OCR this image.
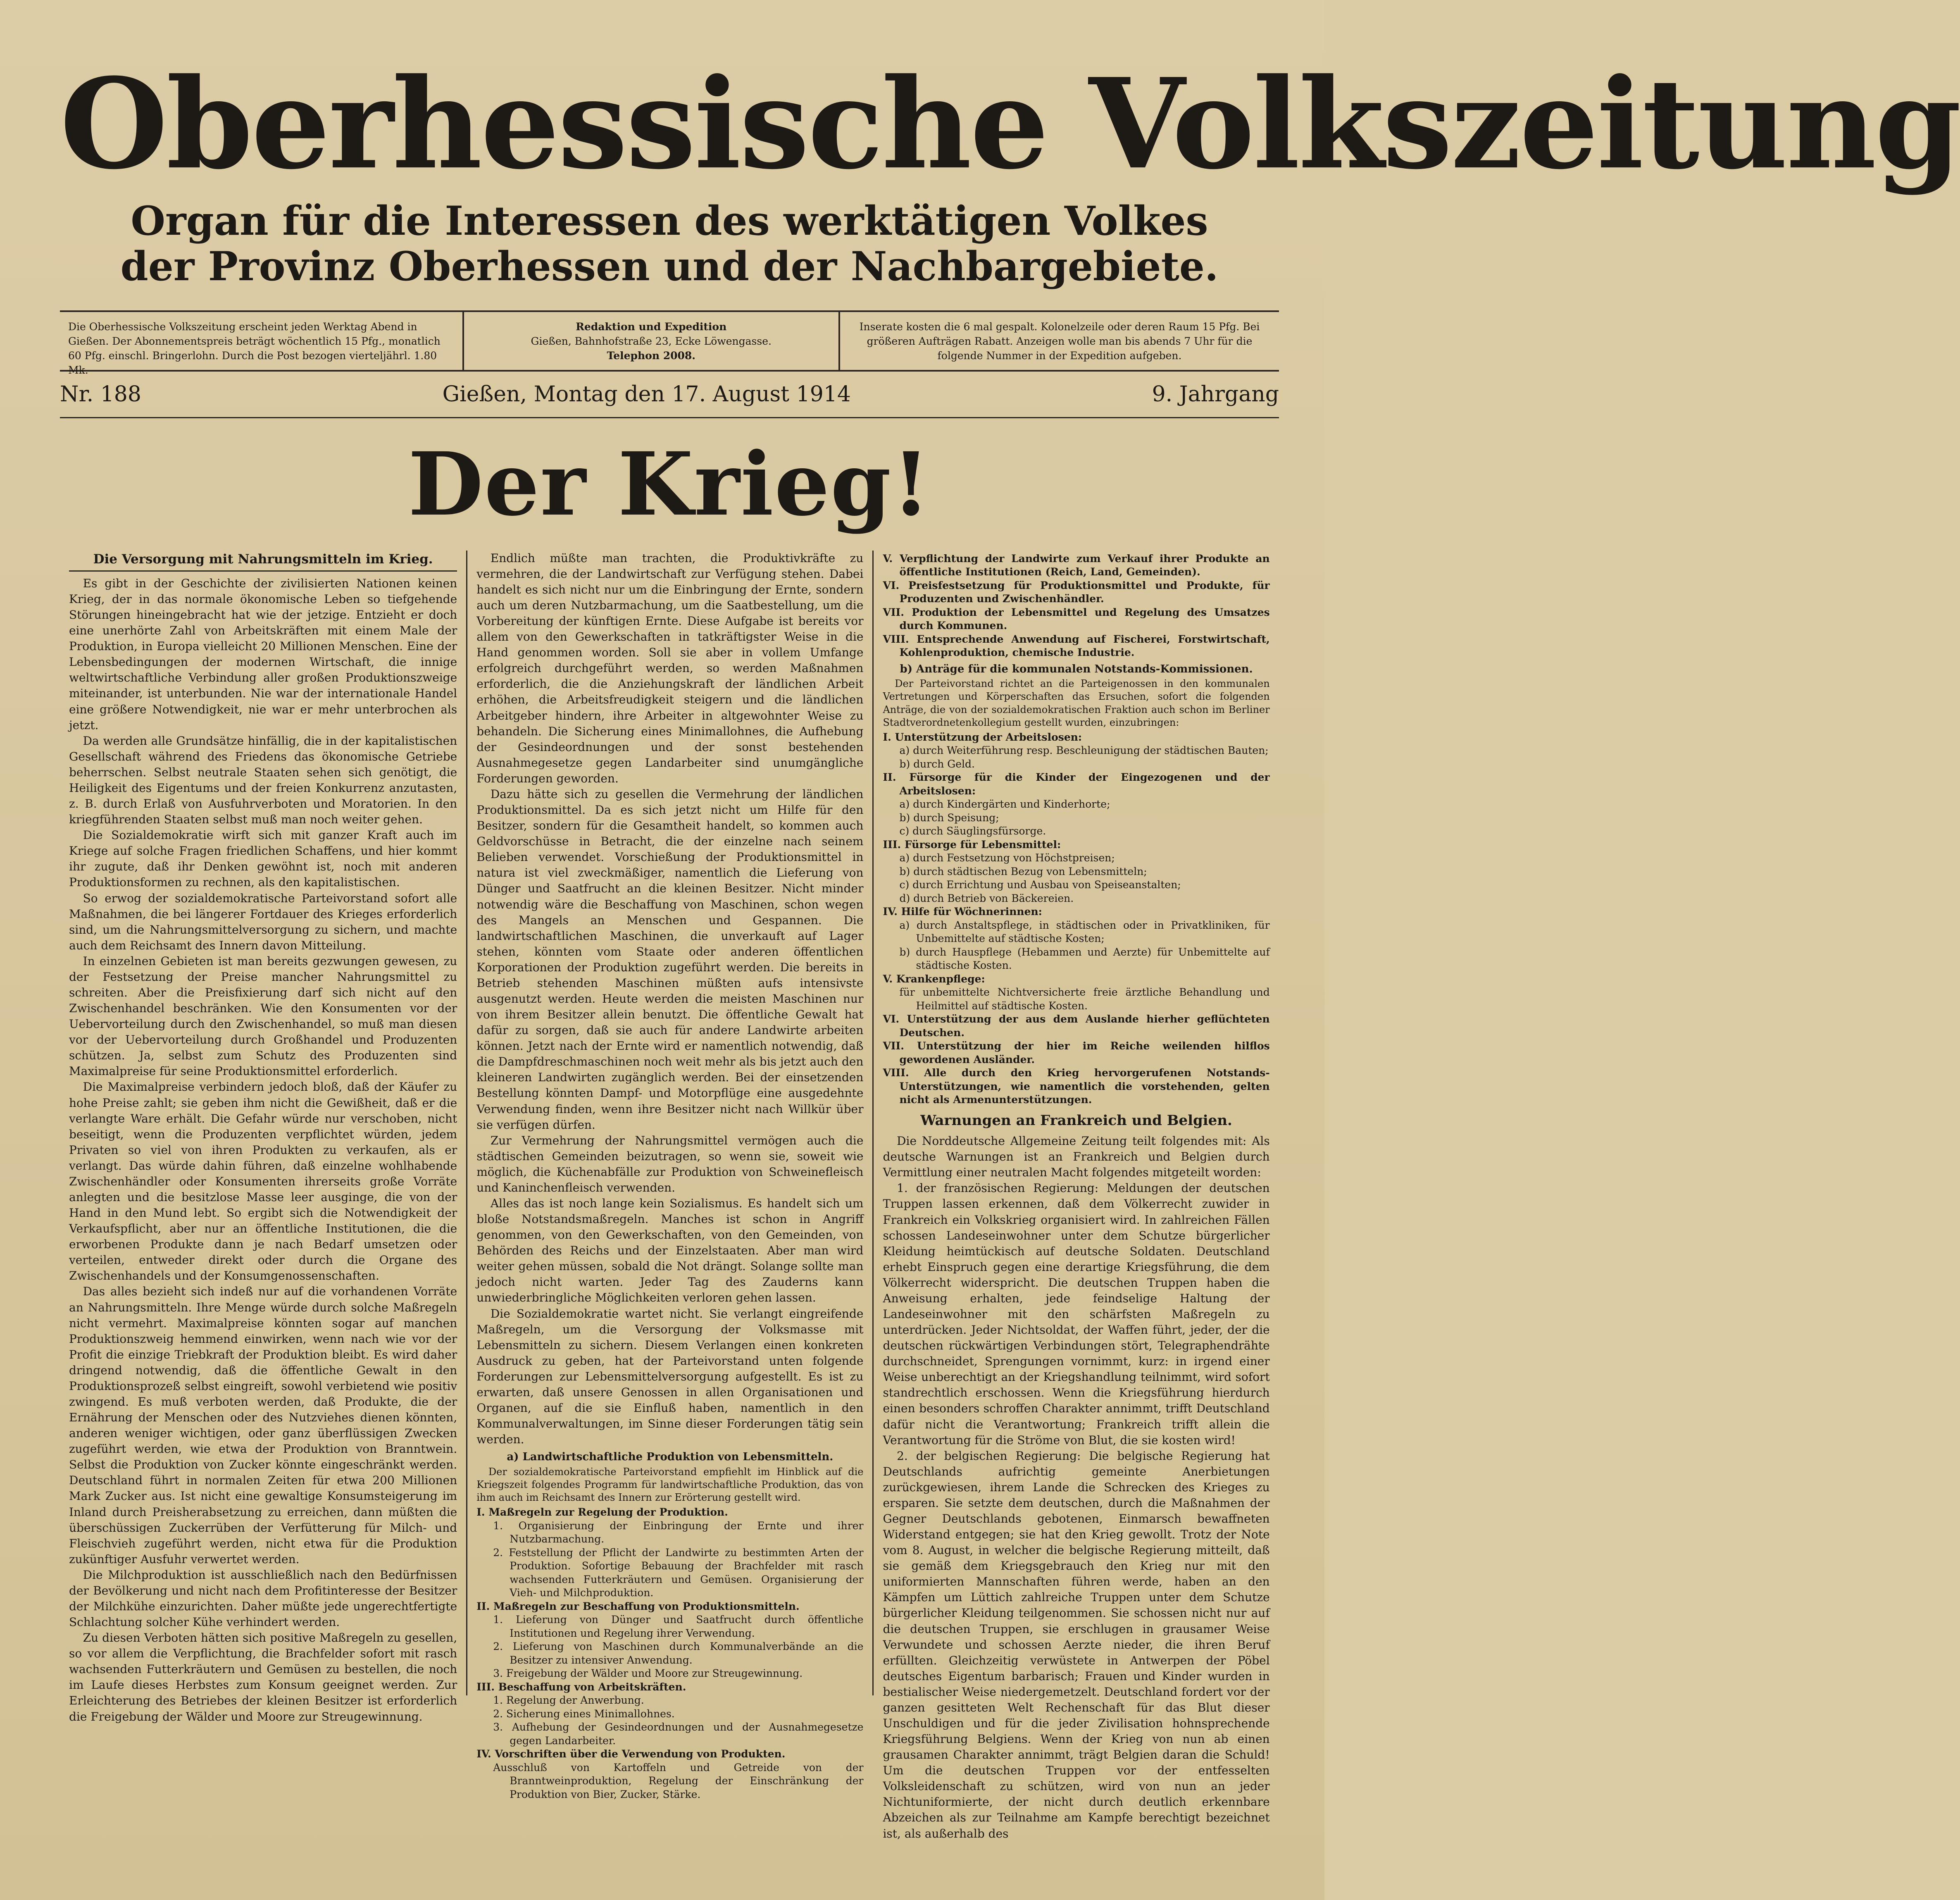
Oberhessische Volkszeitung
Organ für die Interessen des werktätigen Volkes
der Provinz Oberhessen und der Nachbargebiete.
Die Oberhessische Volkszeitung erscheint jeden Werktag Abend in Gießen. Der Abonnementspreis beträgt wöchentlich 15 Pfg., monatlich 60 Pfg. einschl. Bringerlohn. Durch die Post bezogen vierteljährl. 1.80 Mk.
Redaktion und Expedition
Gießen, Bahnhofstraße 23, Ecke Löwengasse.
Telephon 2008.
Inserate kosten die 6 mal gespalt. Kolonelzeile oder deren Raum 15 Pfg. Bei größeren Aufträgen Rabatt. Anzeigen wolle man bis abends 7 Uhr für die folgende Nummer in der Expedition aufgeben.
Nr. 188	Gießen, Montag den 17. August 1914	9. Jahrgang
Der Krieg!
Die Versorgung mit Nahrungsmitteln im Krieg.

Es gibt in der Geschichte der zivilisierten Nationen keinen Krieg, der in das normale ökonomische Leben so tiefgehende Störungen hineingebracht hat wie der jetzige. Entzieht er doch eine unerhörte Zahl von Arbeitskräften mit einem Male der Produktion, in Europa vielleicht 20 Millionen Menschen. Eine der Lebensbedingungen der modernen Wirtschaft, die innige weltwirtschaftliche Verbindung aller großen Produktionszweige miteinander, ist unterbunden. Nie war der internationale Handel eine größere Notwendigkeit, nie war er mehr unterbrochen als jetzt.

Da werden alle Grundsätze hinfällig, die in der kapitalistischen Gesellschaft während des Friedens das ökonomische Getriebe beherrschen. Selbst neutrale Staaten sehen sich genötigt, die Heiligkeit des Eigentums und der freien Konkurrenz anzutasten, z. B. durch Erlaß von Ausfuhrverboten und Moratorien. In den kriegführenden Staaten selbst muß man noch weiter gehen.

Die Sozialdemokratie wirft sich mit ganzer Kraft auch im Kriege auf solche Fragen friedlichen Schaffens, und hier kommt ihr zugute, daß ihr Denken gewöhnt ist, noch mit anderen Produktionsformen zu rechnen, als den kapitalistischen.

So erwog der sozialdemokratische Parteivorstand sofort alle Maßnahmen, die bei längerer Fortdauer des Krieges erforderlich sind, um die Nahrungsmittelversorgung zu sichern, und machte auch dem Reichsamt des Innern davon Mitteilung.

In einzelnen Gebieten ist man bereits gezwungen gewesen, zu der Festsetzung der Preise mancher Nahrungsmittel zu schreiten. Aber die Preisfixierung darf sich nicht auf den Zwischenhandel beschränken. Wie den Konsumenten vor der Uebervorteilung durch den Zwischenhandel, so muß man diesen vor der Uebervorteilung durch Großhandel und Produzenten schützen. Ja, selbst zum Schutz des Produzenten sind Maximalpreise für seine Produktionsmittel erforderlich.

Die Maximalpreise verbindern jedoch bloß, daß der Käufer zu hohe Preise zahlt; sie geben ihm nicht die Gewißheit, daß er die verlangte Ware erhält. Die Gefahr würde nur verschoben, nicht beseitigt, wenn die Produzenten verpflichtet würden, jedem Privaten so viel von ihren Produkten zu verkaufen, als er verlangt. Das würde dahin führen, daß einzelne wohlhabende Zwischenhändler oder Konsumenten ihrerseits große Vorräte anlegten und die besitzlose Masse leer ausginge, die von der Hand in den Mund lebt. So ergibt sich die Notwendigkeit der Verkaufspflicht, aber nur an öffentliche Institutionen, die die erworbenen Produkte dann je nach Bedarf umsetzen oder verteilen, entweder direkt oder durch die Organe des Zwischenhandels und der Konsumgenossenschaften.

Das alles bezieht sich indeß nur auf die vorhandenen Vorräte an Nahrungsmitteln. Ihre Menge würde durch solche Maßregeln nicht vermehrt. Maximalpreise könnten sogar auf manchen Produktionszweig hemmend einwirken, wenn nach wie vor der Profit die einzige Triebkraft der Produktion bleibt. Es wird daher dringend notwendig, daß die öffentliche Gewalt in den Produktionsprozeß selbst eingreift, sowohl verbietend wie positiv zwingend. Es muß verboten werden, daß Produkte, die der Ernährung der Menschen oder des Nutzviehes dienen könnten, anderen weniger wichtigen, oder ganz überflüssigen Zwecken zugeführt werden, wie etwa der Produktion von Branntwein. Selbst die Produktion von Zucker könnte eingeschränkt werden. Deutschland führt in normalen Zeiten für etwa 200 Millionen Mark Zucker aus. Ist nicht eine gewaltige Konsumsteigerung im Inland durch Preisherabsetzung zu erreichen, dann müßten die überschüssigen Zuckerrüben der Verfütterung für Milch- und Fleischvieh zugeführt werden, nicht etwa für die Produktion zukünftiger Ausfuhr verwertet werden.

Die Milchproduktion ist ausschließlich nach den Bedürfnissen der Bevölkerung und nicht nach dem Profitinteresse der Besitzer der Milchkühe einzurichten. Daher müßte jede ungerechtfertigte Schlachtung solcher Kühe verhindert werden.

Zu diesen Verboten hätten sich positive Maßregeln zu gesellen, so vor allem die Verpflichtung, die Brachfelder sofort mit rasch wachsenden Futterkräutern und Gemüsen zu bestellen, die noch im Laufe dieses Herbstes zum Konsum geeignet werden. Zur Erleichterung des Betriebes der kleinen Besitzer ist erforderlich die Freigebung der Wälder und Moore zur Streugewinnung.

Endlich müßte man trachten, die Produktivkräfte zu vermehren, die der Landwirtschaft zur Verfügung stehen. Dabei handelt es sich nicht nur um die Einbringung der Ernte, sondern auch um deren Nutzbarmachung, um die Saatbestellung, um die Vorbereitung der künftigen Ernte. Diese Aufgabe ist bereits vor allem von den Gewerkschaften in tatkräftigster Weise in die Hand genommen worden. Soll sie aber in vollem Umfange erfolgreich durchgeführt werden, so werden Maßnahmen erforderlich, die die Anziehungskraft der ländlichen Arbeit erhöhen, die Arbeitsfreudigkeit steigern und die ländlichen Arbeitgeber hindern, ihre Arbeiter in altgewohnter Weise zu behandeln. Die Sicherung eines Minimallohnes, die Aufhebung der Gesindeordnungen und der sonst bestehenden Ausnahmegesetze gegen Landarbeiter sind unumgängliche Forderungen geworden.

Dazu hätte sich zu gesellen die Vermehrung der ländlichen Produktionsmittel. Da es sich jetzt nicht um Hilfe für den Besitzer, sondern für die Gesamtheit handelt, so kommen auch Geldvorschüsse in Betracht, die der einzelne nach seinem Belieben verwendet. Vorschießung der Produktionsmittel in natura ist viel zweckmäßiger, namentlich die Lieferung von Dünger und Saatfrucht an die kleinen Besitzer. Nicht minder notwendig wäre die Beschaffung von Maschinen, schon wegen des Mangels an Menschen und Gespannen. Die landwirtschaftlichen Maschinen, die unverkauft auf Lager stehen, könnten vom Staate oder anderen öffentlichen Korporationen der Produktion zugeführt werden. Die bereits in Betrieb stehenden Maschinen müßten aufs intensivste ausgenutzt werden. Heute werden die meisten Maschinen nur von ihrem Besitzer allein benutzt. Die öffentliche Gewalt hat dafür zu sorgen, daß sie auch für andere Landwirte arbeiten können. Jetzt nach der Ernte wird er namentlich notwendig, daß die Dampfdreschmaschinen noch weit mehr als bis jetzt auch den kleineren Landwirten zugänglich werden. Bei der einsetzenden Bestellung könnten Dampf- und Motorpflüge eine ausgedehnte Verwendung finden, wenn ihre Besitzer nicht nach Willkür über sie verfügen dürfen.

Zur Vermehrung der Nahrungsmittel vermögen auch die städtischen Gemeinden beizutragen, so wenn sie, soweit wie möglich, die Küchenabfälle zur Produktion von Schweinefleisch und Kaninchenfleisch verwenden.

Alles das ist noch lange kein Sozialismus. Es handelt sich um bloße Notstandsmaßregeln. Manches ist schon in Angriff genommen, von den Gewerkschaften, von den Gemeinden, von Behörden des Reichs und der Einzelstaaten. Aber man wird weiter gehen müssen, sobald die Not drängt. Solange sollte man jedoch nicht warten. Jeder Tag des Zauderns kann unwiederbringliche Möglichkeiten verloren gehen lassen.

Die Sozialdemokratie wartet nicht. Sie verlangt eingreifende Maßregeln, um die Versorgung der Volksmasse mit Lebensmitteln zu sichern. Diesem Verlangen einen konkreten Ausdruck zu geben, hat der Parteivorstand unten folgende Forderungen zur Lebensmittelversorgung aufgestellt. Es ist zu erwarten, daß unsere Genossen in allen Organisationen und Organen, auf die sie Einfluß haben, namentlich in den Kommunalverwaltungen, im Sinne dieser Forderungen tätig sein werden.

a) Landwirtschaftliche Produktion von Lebensmitteln.

Der sozialdemokratische Parteivorstand empfiehlt im Hinblick auf die Kriegszeit folgendes Programm für landwirtschaftliche Produktion, das von ihm auch im Reichsamt des Innern zur Erörterung gestellt wird.

I. Maßregeln zur Regelung der Produktion.
1. Organisierung der Einbringung der Ernte und ihrer Nutzbarmachung.
2. Feststellung der Pflicht der Landwirte zu bestimmten Arten der Produktion. Sofortige Bebauung der Brachfelder mit rasch wachsenden Futterkräutern und Gemüsen. Organisierung der Vieh- und Milchproduktion.
II. Maßregeln zur Beschaffung von Produktionsmitteln.
1. Lieferung von Dünger und Saatfrucht durch öffentliche Institutionen und Regelung ihrer Verwendung.
2. Lieferung von Maschinen durch Kommunalverbände an die Besitzer zu intensiver Anwendung.
3. Freigebung der Wälder und Moore zur Streugewinnung.
III. Beschaffung von Arbeitskräften.
1. Regelung der Anwerbung.
2. Sicherung eines Minimallohnes.
3. Aufhebung der Gesindeordnungen und der Ausnahmegesetze gegen Landarbeiter.
IV. Vorschriften über die Verwendung von Produkten.
Ausschluß von Kartoffeln und Getreide von der Branntweinproduktion, Regelung der Einschränkung der Produktion von Bier, Zucker, Stärke.
V. Verpflichtung der Landwirte zum Verkauf ihrer Produkte an öffentliche Institutionen (Reich, Land, Gemeinden).
VI. Preisfestsetzung für Produktionsmittel und Produkte, für Produzenten und Zwischenhändler.
VII. Produktion der Lebensmittel und Regelung des Umsatzes durch Kommunen.
VIII. Entsprechende Anwendung auf Fischerei, Forstwirtschaft, Kohlenproduktion, chemische Industrie.
b) Anträge für die kommunalen Notstands-Kommissionen.

Der Parteivorstand richtet an die Parteigenossen in den kommunalen Vertretungen und Körperschaften das Ersuchen, sofort die folgenden Anträge, die von der sozialdemokratischen Fraktion auch schon im Berliner Stadtverordnetenkollegium gestellt wurden, einzubringen:

I. Unterstützung der Arbeitslosen:
a) durch Weiterführung resp. Beschleunigung der städtischen Bauten;
b) durch Geld.
II. Fürsorge für die Kinder der Eingezogenen und der Arbeitslosen:
a) durch Kindergärten und Kinderhorte;
b) durch Speisung;
c) durch Säuglingsfürsorge.
III. Fürsorge für Lebensmittel:
a) durch Festsetzung von Höchstpreisen;
b) durch städtischen Bezug von Lebensmitteln;
c) durch Errichtung und Ausbau von Speiseanstalten;
d) durch Betrieb von Bäckereien.
IV. Hilfe für Wöchnerinnen:
a) durch Anstaltspflege, in städtischen oder in Privatkliniken, für Unbemittelte auf städtische Kosten;
b) durch Hauspflege (Hebammen und Aerzte) für Unbemittelte auf städtische Kosten.
V. Krankenpflege:
für unbemittelte Nichtversicherte freie ärztliche Behandlung und Heilmittel auf städtische Kosten.
VI. Unterstützung der aus dem Auslande hierher geflüchteten Deutschen.
VII. Unterstützung der hier im Reiche weilenden hilflos gewordenen Ausländer.
VIII. Alle durch den Krieg hervorgerufenen Notstands-Unterstützungen, wie namentlich die vorstehenden, gelten nicht als Armenunterstützungen.
Warnungen an Frankreich und Belgien.

Die Norddeutsche Allgemeine Zeitung teilt folgendes mit: Als deutsche Warnungen ist an Frankreich und Belgien durch Vermittlung einer neutralen Macht folgendes mitgeteilt worden:

1. der französischen Regierung: Meldungen der deutschen Truppen lassen erkennen, daß dem Völkerrecht zuwider in Frankreich ein Volkskrieg organisiert wird. In zahlreichen Fällen schossen Landeseinwohner unter dem Schutze bürgerlicher Kleidung heimtückisch auf deutsche Soldaten. Deutschland erhebt Einspruch gegen eine derartige Kriegsführung, die dem Völkerrecht widerspricht. Die deutschen Truppen haben die Anweisung erhalten, jede feindselige Haltung der Landeseinwohner mit den schärfsten Maßregeln zu unterdrücken. Jeder Nichtsoldat, der Waffen führt, jeder, der die deutschen rückwärtigen Verbindungen stört, Telegraphendrähte durchschneidet, Sprengungen vornimmt, kurz: in irgend einer Weise unberechtigt an der Kriegshandlung teilnimmt, wird sofort standrechtlich erschossen. Wenn die Kriegsführung hierdurch einen besonders schroffen Charakter annimmt, trifft Deutschland dafür nicht die Verantwortung; Frankreich trifft allein die Verantwortung für die Ströme von Blut, die sie kosten wird!

2. der belgischen Regierung: Die belgische Regierung hat Deutschlands aufrichtig gemeinte Anerbietungen zurückgewiesen, ihrem Lande die Schrecken des Krieges zu ersparen. Sie setzte dem deutschen, durch die Maßnahmen der Gegner Deutschlands gebotenen, Einmarsch bewaffneten Widerstand entgegen; sie hat den Krieg gewollt. Trotz der Note vom 8. August, in welcher die belgische Regierung mitteilt, daß sie gemäß dem Kriegsgebrauch den Krieg nur mit den uniformierten Mannschaften führen werde, haben an den Kämpfen um Lüttich zahlreiche Truppen unter dem Schutze bürgerlicher Kleidung teilgenommen. Sie schossen nicht nur auf die deutschen Truppen, sie erschlugen in grausamer Weise Verwundete und schossen Aerzte nieder, die ihren Beruf erfüllten. Gleichzeitig verwüstete in Antwerpen der Pöbel deutsches Eigentum barbarisch; Frauen und Kinder wurden in bestialischer Weise niedergemetzelt. Deutschland fordert vor der ganzen gesitteten Welt Rechenschaft für das Blut dieser Unschuldigen und für die jeder Zivilisation hohnsprechende Kriegsführung Belgiens. Wenn der Krieg von nun ab einen grausamen Charakter annimmt, trägt Belgien daran die Schuld! Um die deutschen Truppen vor der entfesselten Volksleidenschaft zu schützen, wird von nun an jeder Nichtuniformierte, der nicht durch deutlich erkennbare Abzeichen als zur Teilnahme am Kampfe berechtigt bezeichnet ist, als außerhalb des
